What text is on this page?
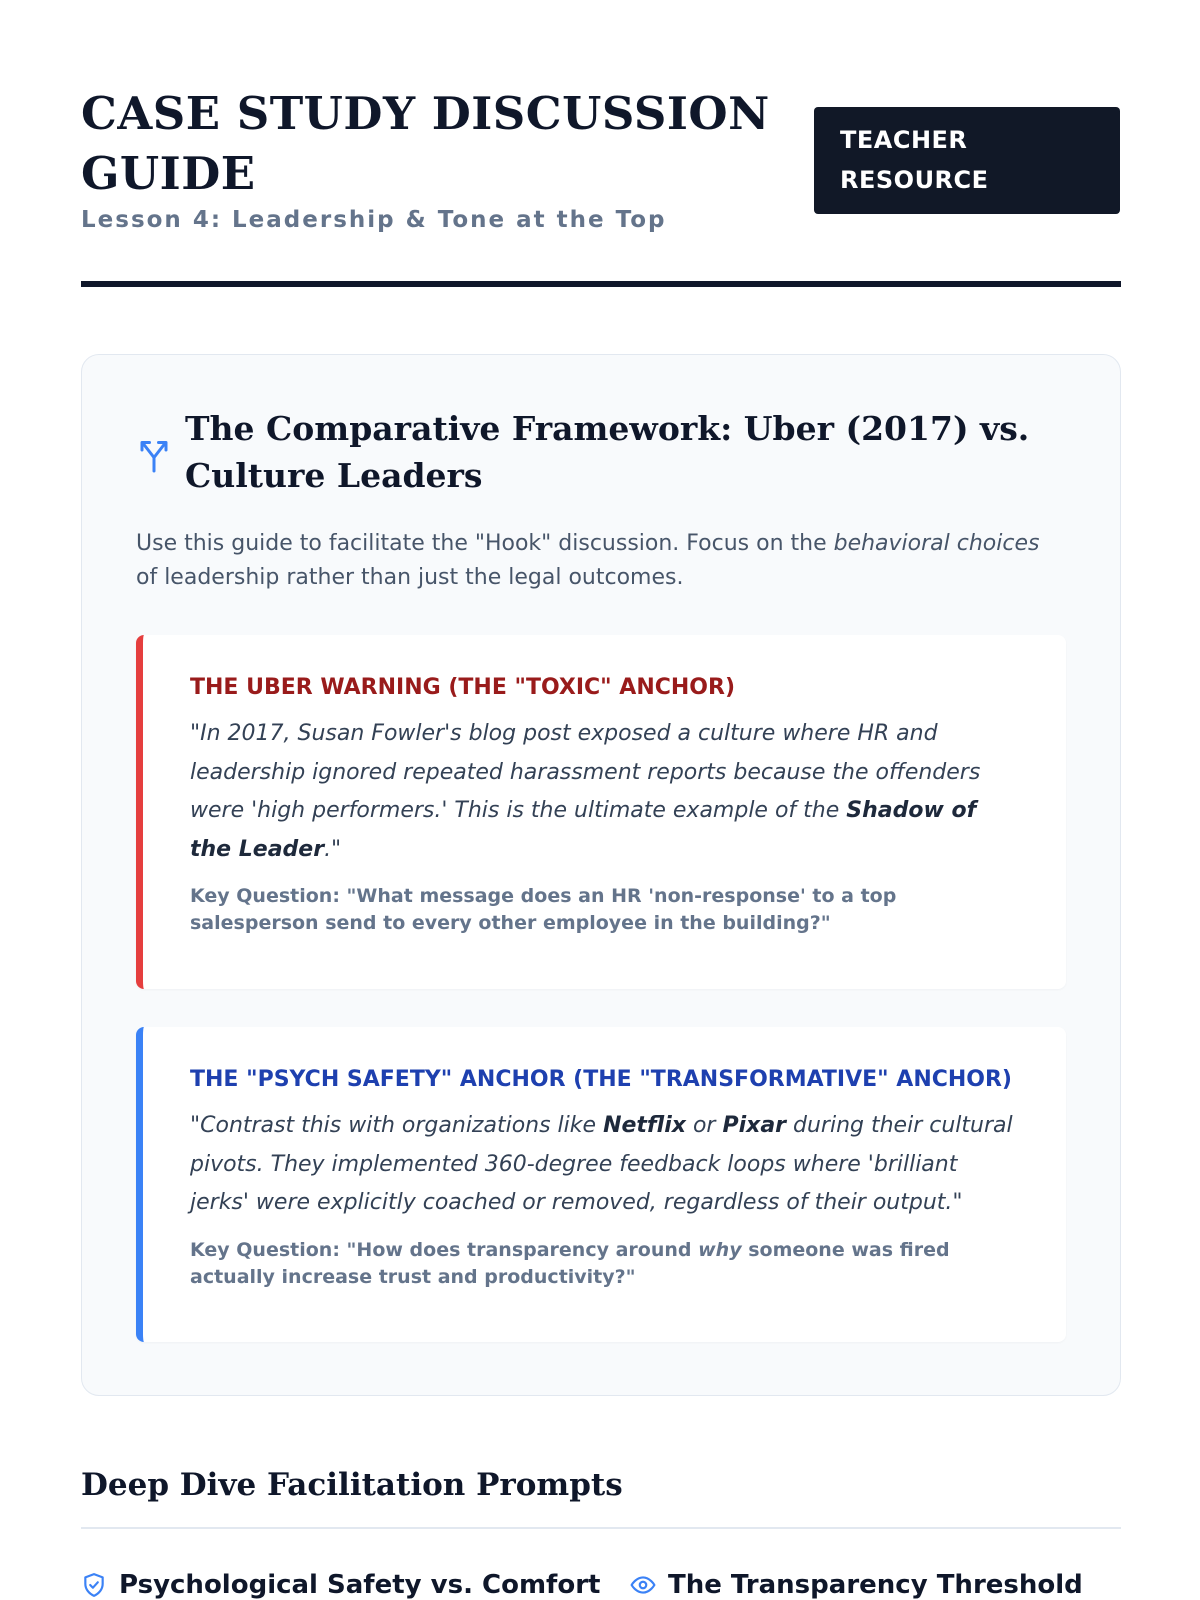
CASE STUDY DISCUSSION GUIDE
Lesson 4: Leadership & Tone at the Top
TEACHER RESOURCE
The Comparative Framework: Uber (2017) vs. Culture Leaders

Use this guide to facilitate the "Hook" discussion. Focus on the behavioral choices of leadership rather than just the legal outcomes.

THE UBER WARNING (THE "TOXIC" ANCHOR)

"In 2017, Susan Fowler's blog post exposed a culture where HR and leadership ignored repeated harassment reports because the offenders were 'high performers.' This is the ultimate example of the Shadow of the Leader."

Key Question: "What message does an HR 'non-response' to a top salesperson send to every other employee in the building?"

THE "PSYCH SAFETY" ANCHOR (THE "TRANSFORMATIVE" ANCHOR)

"Contrast this with organizations like Netflix or Pixar during their cultural pivots. They implemented 360-degree feedback loops where 'brilliant jerks' were explicitly coached or removed, regardless of their output."

Key Question: "How does transparency around why someone was fired actually increase trust and productivity?"

Deep Dive Facilitation Prompts
Psychological Safety vs. Comfort	The Transparency Threshold
